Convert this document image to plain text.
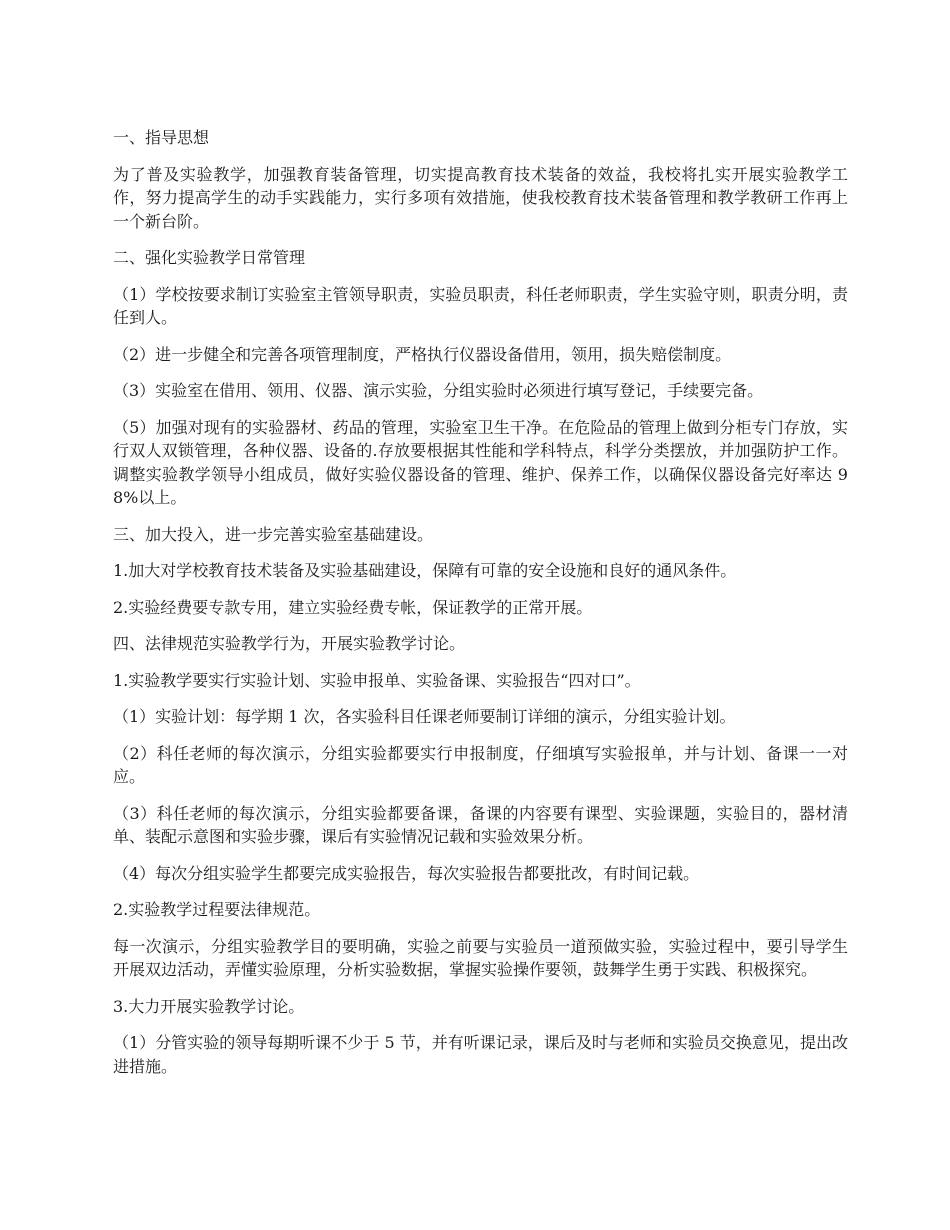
一、指导思想

为了普及实验教学，加强教育装备管理，切实提高教育技术装备的效益，我校将扎实开展实验教学工作，努力提高学生的动手实践能力，实行多项有效措施，使我校教育技术装备管理和教学教研工作再上一个新台阶。

二、强化实验教学日常管理

（1）学校按要求制订实验室主管领导职责，实验员职责，科任老师职责，学生实验守则，职责分明，责任到人。

（2）进一步健全和完善各项管理制度，严格执行仪器设备借用，领用，损失赔偿制度。

（3）实验室在借用、领用、仪器、演示实验，分组实验时必须进行填写登记，手续要完备。

（5）加强对现有的实验器材、药品的管理，实验室卫生干净。在危险品的管理上做到分柜专门存放，实行双人双锁管理，各种仪器、设备的.存放要根据其性能和学科特点，科学分类摆放，并加强防护工作。 调整实验教学领导小组成员，做好实验仪器设备的管理、维护、保养工作，以确保仪器设备完好率达 98%以上。

三、加大投入，进一步完善实验室基础建设。

1.加大对学校教育技术装备及实验基础建设，保障有可靠的安全设施和良好的通风条件。

2.实验经费要专款专用，建立实验经费专帐，保证教学的正常开展。

四、法律规范实验教学行为，开展实验教学讨论。

1.实验教学要实行实验计划、实验申报单、实验备课、实验报告“四对口”。

（1）实验计划：每学期 1 次，各实验科目任课老师要制订详细的演示，分组实验计划。

（2）科任老师的每次演示，分组实验都要实行申报制度，仔细填写实验报单，并与计划、备课一一对应。

（3）科任老师的每次演示，分组实验都要备课，备课的内容要有课型、实验课题，实验目的，器材清单、装配示意图和实验步骤，课后有实验情况记载和实验效果分析。

（4）每次分组实验学生都要完成实验报告，每次实验报告都要批改，有时间记载。

2.实验教学过程要法律规范。

每一次演示，分组实验教学目的要明确，实验之前要与实验员一道预做实验，实验过程中，要引导学生开展双边活动，弄懂实验原理，分析实验数据，掌握实验操作要领，鼓舞学生勇于实践、积极探究。

3.大力开展实验教学讨论。

（1）分管实验的领导每期听课不少于 5 节，并有听课记录，课后及时与老师和实验员交换意见，提出改进措施。
